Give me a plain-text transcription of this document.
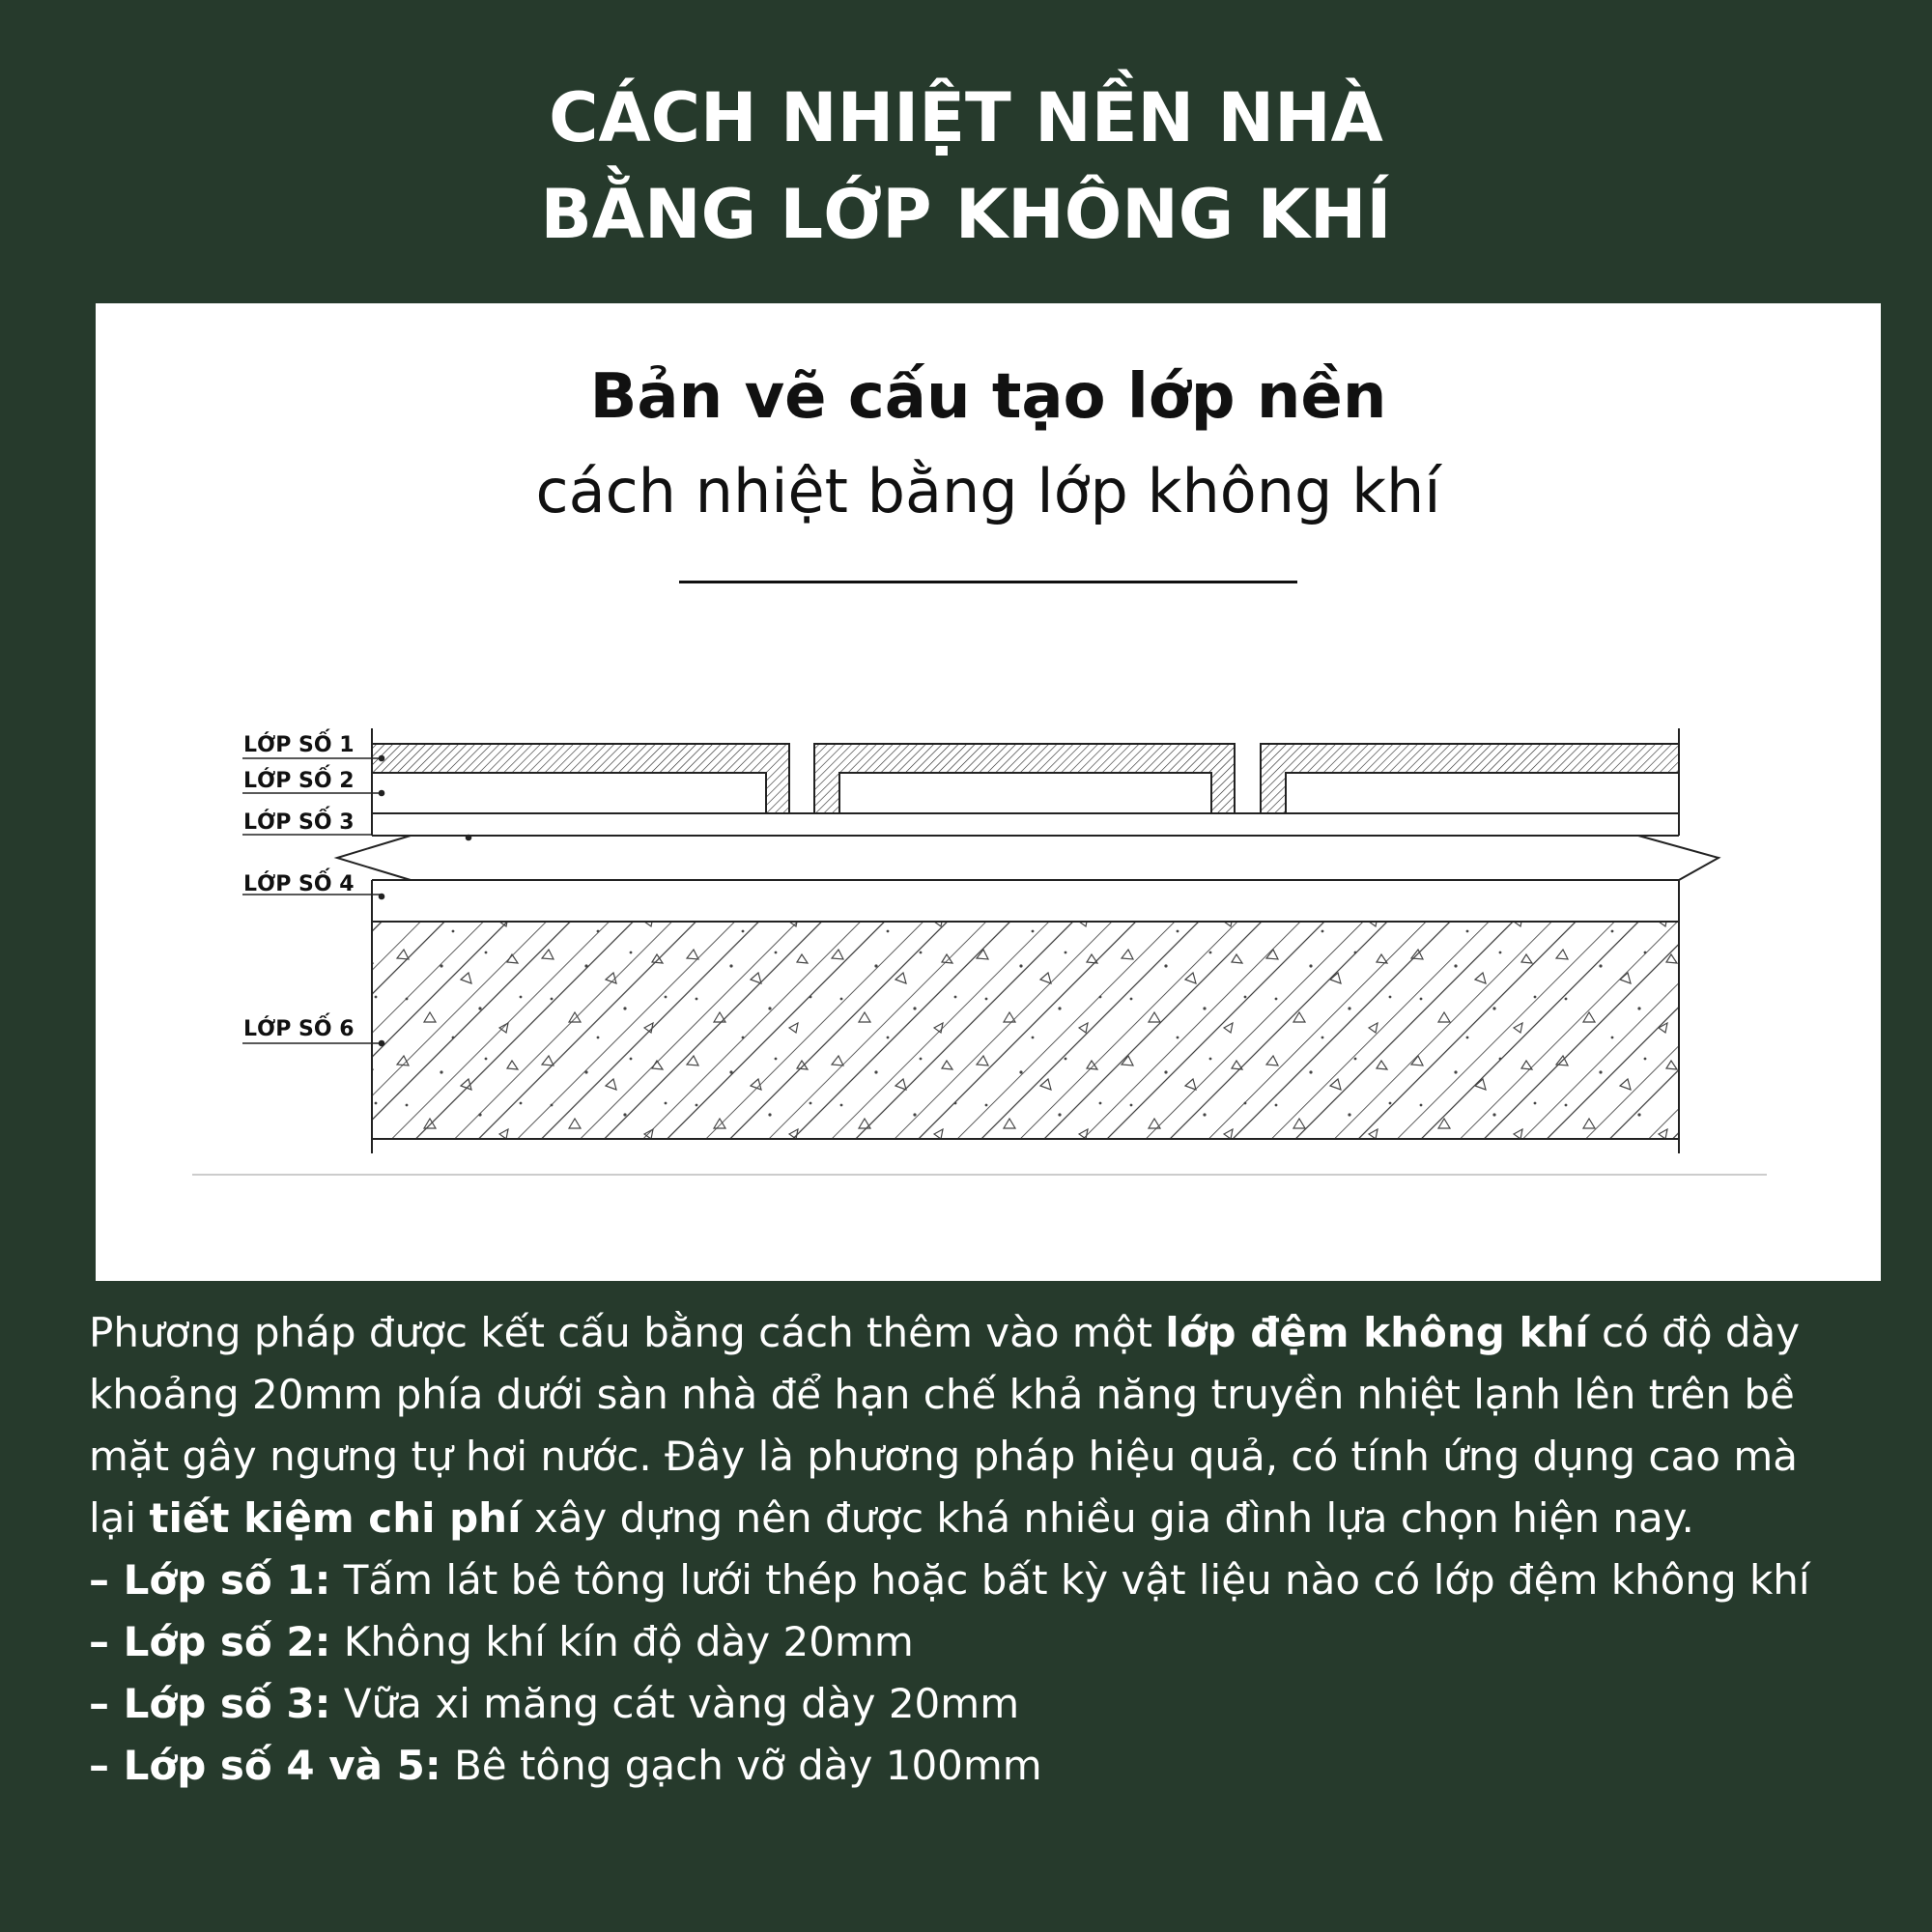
CÁCH NHIỆT NỀN NHÀ
BẰNG LỚP KHÔNG KHÍ
Bản vẽ cấu tạo lớp nền
cách nhiệt bằng lớp không khí
LỚP SỐ 1
LỚP SỐ 2
LỚP SỐ 3
LỚP SỐ 4
LỚP SỐ 6

Phương pháp được kết cấu bằng cách thêm vào một lớp đệm không khí có độ dày khoảng 20mm phía dưới sàn nhà để hạn chế khả năng truyền nhiệt lạnh lên trên bề mặt gây ngưng tự hơi nước. Đây là phương pháp hiệu quả, có tính ứng dụng cao mà lại tiết kiệm chi phí xây dựng nên được khá nhiều gia đình lựa chọn hiện nay.

– Lớp số 1: Tấm lát bê tông lưới thép hoặc bất kỳ vật liệu nào có lớp đệm không khí

– Lớp số 2: Không khí kín độ dày 20mm

– Lớp số 3: Vữa xi măng cát vàng dày 20mm

– Lớp số 4 và 5: Bê tông gạch vỡ dày 100mm
